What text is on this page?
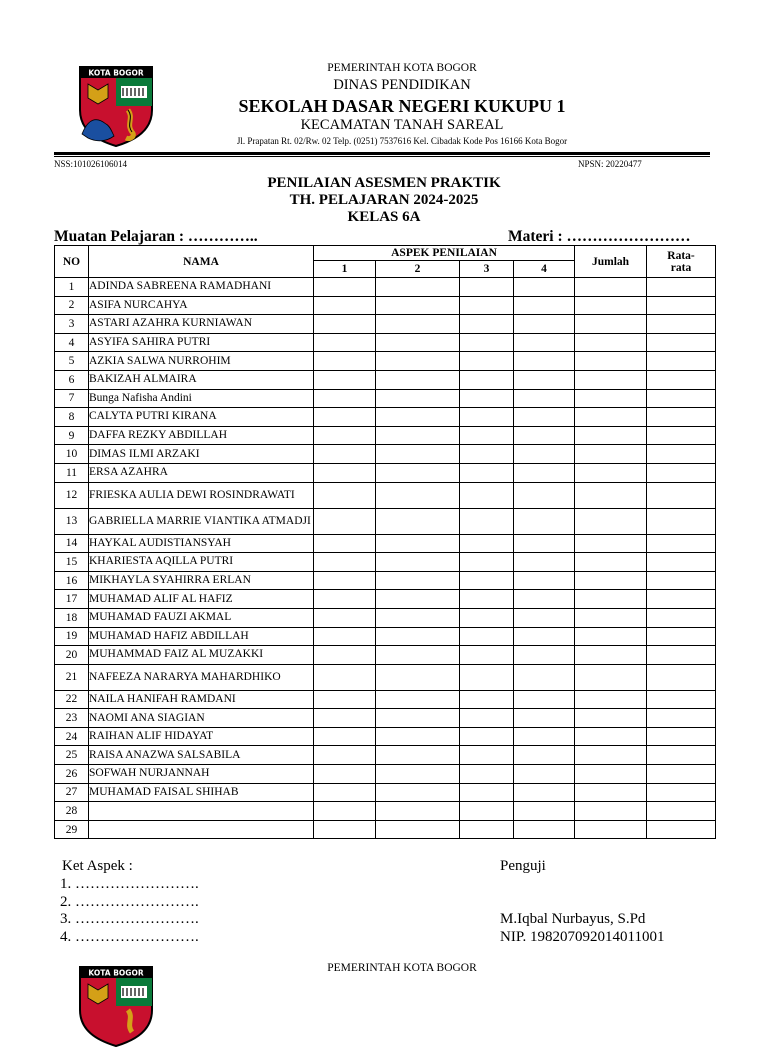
KOTA BOGOR	PEMERINTAH KOTA BOGOR
DINAS PENDIDIKAN
SEKOLAH DASAR NEGERI KUKUPU 1
KECAMATAN TANAH SAREAL
Jl. Prapatan Rt. 02/Rw. 02 Telp. (0251) 7537616 Kel. Cibadak Kode Pos 16166 Kota Bogor
NSS:101026106014	NPSN: 20220477
PENILAIAN ASESMEN PRAKTIK
TH. PELAJARAN 2024-2025
KELAS 6A
Muatan Pelajaran : …………..	Materi : ……………………
NO	NAMA	ASPEK PENILAIAN				Jumlah	Rata-
rata
		1	2	3	4		
1	ADINDA SABREENA RAMADHANI						
2	ASIFA NURCAHYA						
3	ASTARI AZAHRA KURNIAWAN						
4	ASYIFA SAHIRA PUTRI						
5	AZKIA SALWA NURROHIM						
6	BAKIZAH ALMAIRA						
7	Bunga Nafisha Andini						
8	CALYTA PUTRI KIRANA						
9	DAFFA REZKY ABDILLAH						
10	DIMAS ILMI ARZAKI						
11	ERSA AZAHRA						
12	FRIESKA AULIA DEWI ROSINDRAWATI						
13	GABRIELLA MARRIE VIANTIKA ATMADJI						
14	HAYKAL AUDISTIANSYAH						
15	KHARIESTA AQILLA PUTRI						
16	MIKHAYLA SYAHIRRA ERLAN						
17	MUHAMAD ALIF AL HAFIZ						
18	MUHAMAD FAUZI AKMAL						
19	MUHAMAD HAFIZ ABDILLAH						
20	MUHAMMAD FAIZ AL MUZAKKI						
21	NAFEEZA NARARYA MAHARDHIKO						
22	NAILA HANIFAH RAMDANI						
23	NAOMI ANA SIAGIAN						
24	RAIHAN ALIF HIDAYAT						
25	RAISA ANAZWA SALSABILA						
26	SOFWAH NURJANNAH						
27	MUHAMAD FAISAL SHIHAB						
28							
29							
Ket Aspek :
1. …………………….
2. …………………….
3. …………………….
4. …………………….
Penguji
M.Iqbal Nurbayus, S.Pd
NIP. 198207092014011001
KOTA BOGOR	PEMERINTAH KOTA BOGOR
